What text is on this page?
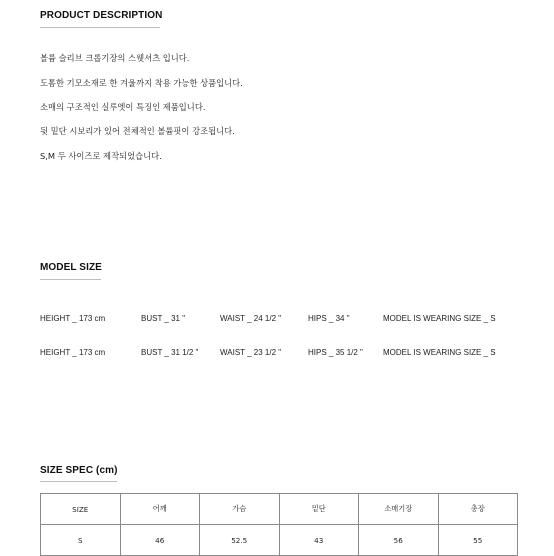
PRODUCT DESCRIPTION
볼륨 슬리브 크롭기장의 스웻셔츠 입니다.
도톰한 기모소재로 한 겨울까지 착용 가능한 상품입니다.
소매의 구조적인 실루엣이 특징인 제품입니다.
뒷 밑단 시보리가 있어 전체적인 볼륨핏이 강조됩니다.
S,M 두 사이즈로 제작되었습니다.
MODEL SIZE
HEIGHT _ 173 cm	BUST _ 31 "	WAIST _ 24 1/2 "	HIPS _ 34 "	MODEL IS WEARING SIZE _ S
HEIGHT _ 173 cm	BUST _ 31 1/2 "	WAIST _ 23 1/2 "	HIPS _ 35 1/2 "	MODEL IS WEARING SIZE _ S
SIZE SPEC (cm)
SIZE	어깨	가슴	밑단	소매기장	총장
S	46	52.5	43	56	55
